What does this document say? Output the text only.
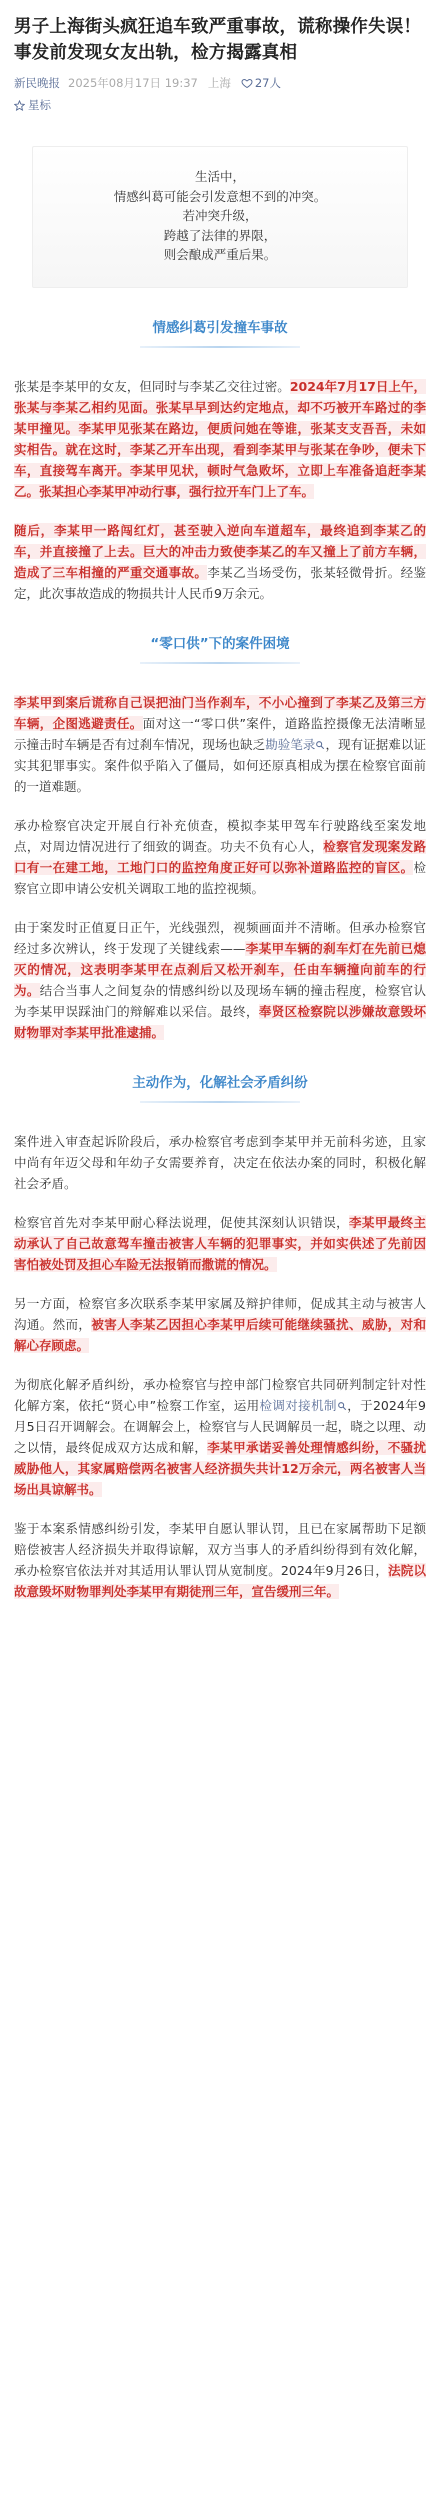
男子上海街头疯狂追车致严重事故，谎称操作失误！事发前发现女友出轨，检方揭露真相
新民晚报 2025年08月17日 19:37 上海 27人
星标
生活中，
情感纠葛可能会引发意想不到的冲突。
若冲突升级，
跨越了法律的界限，
则会酿成严重后果。
情感纠葛引发撞车事故

张某是李某甲的女友，但同时与李某乙交往过密。2024年7月17日上午，张某与李某乙相约见面。张某早早到达约定地点，却不巧被开车路过的李某甲撞见。李某甲见张某在路边，便质问她在等谁，张某支支吾吾，未如实相告。就在这时，李某乙开车出现，看到李某甲与张某在争吵，便未下车，直接驾车离开。李某甲见状，顿时气急败坏，立即上车准备追赶李某乙。张某担心李某甲冲动行事，强行拉开车门上了车。

随后，李某甲一路闯红灯，甚至驶入逆向车道超车，最终追到李某乙的车，并直接撞了上去。巨大的冲击力致使李某乙的车又撞上了前方车辆，造成了三车相撞的严重交通事故。李某乙当场受伤，张某轻微骨折。经鉴定，此次事故造成的物损共计人民币9万余元。

“零口供”下的案件困境

李某甲到案后谎称自己误把油门当作刹车，不小心撞到了李某乙及第三方车辆，企图逃避责任。面对这一“零口供”案件，道路监控摄像无法清晰显示撞击时车辆是否有过刹车情况，现场也缺乏勘验笔录 ，现有证据难以证实其犯罪事实。案件似乎陷入了僵局，如何还原真相成为摆在检察官面前的一道难题。

承办检察官决定开展自行补充侦查，模拟李某甲驾车行驶路线至案发地点，对周边情况进行了细致的调查。功夫不负有心人，检察官发现案发路口有一在建工地，工地门口的监控角度正好可以弥补道路监控的盲区。检察官立即申请公安机关调取工地的监控视频。

由于案发时正值夏日正午，光线强烈，视频画面并不清晰。但承办检察官经过多次辨认，终于发现了关键线索——李某甲车辆的刹车灯在先前已熄灭的情况，这表明李某甲在点刹后又松开刹车，任由车辆撞向前车的行为。结合当事人之间复杂的情感纠纷以及现场车辆的撞击程度，检察官认为李某甲误踩油门的辩解难以采信。最终，奉贤区检察院以涉嫌故意毁坏财物罪对李某甲批准逮捕。

主动作为，化解社会矛盾纠纷

案件进入审查起诉阶段后，承办检察官考虑到李某甲并无前科劣迹，且家中尚有年迈父母和年幼子女需要养育，决定在依法办案的同时，积极化解社会矛盾。

检察官首先对李某甲耐心释法说理，促使其深刻认识错误，李某甲最终主动承认了自己故意驾车撞击被害人车辆的犯罪事实，并如实供述了先前因害怕被处罚及担心车险无法报销而撒谎的情况。

另一方面，检察官多次联系李某甲家属及辩护律师，促成其主动与被害人沟通。然而，被害人李某乙因担心李某甲后续可能继续骚扰、威胁，对和解心存顾虑。

为彻底化解矛盾纠纷，承办检察官与控申部门检察官共同研判制定针对性化解方案，依托“贤心申”检察工作室，运用检调对接机制 ，于2024年9月5日召开调解会。在调解会上，检察官与人民调解员一起，晓之以理、动之以情，最终促成双方达成和解，李某甲承诺妥善处理情感纠纷，不骚扰威胁他人，其家属赔偿两名被害人经济损失共计12万余元，两名被害人当场出具谅解书。

鉴于本案系情感纠纷引发，李某甲自愿认罪认罚，且已在家属帮助下足额赔偿被害人经济损失并取得谅解，双方当事人的矛盾纠纷得到有效化解，承办检察官依法并对其适用认罪认罚从宽制度。2024年9月26日，法院以故意毁坏财物罪判处李某甲有期徒刑三年，宣告缓刑三年。
